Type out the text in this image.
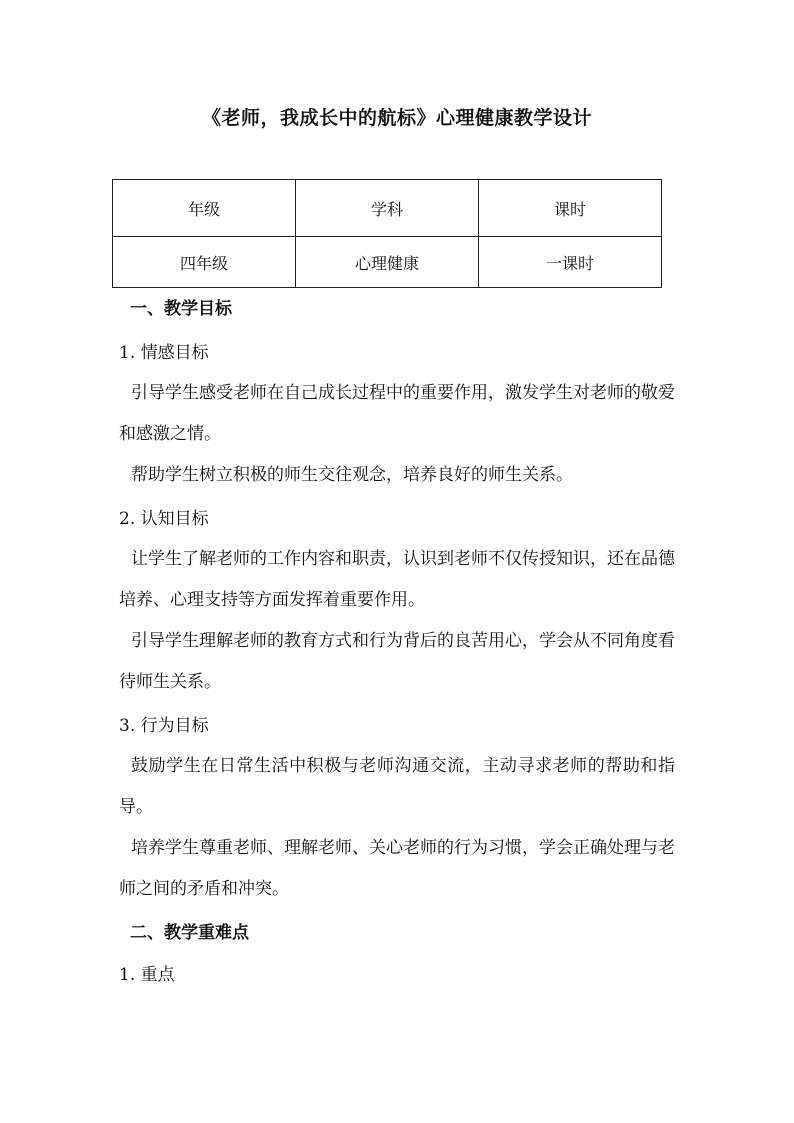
《老师，我成长中的航标》心理健康教学设计
年级	学科	课时
四年级	心理健康	一课时
一、教学目标
1. 情感目标
引导学生感受老师在自己成长过程中的重要作用，激发学生对老师的敬爱和感激之情。
帮助学生树立积极的师生交往观念，培养良好的师生关系。
2. 认知目标
让学生了解老师的工作内容和职责，认识到老师不仅传授知识，还在品德培养、心理支持等方面发挥着重要作用。
引导学生理解老师的教育方式和行为背后的良苦用心，学会从不同角度看待师生关系。
3. 行为目标
鼓励学生在日常生活中积极与老师沟通交流，主动寻求老师的帮助和指导。
培养学生尊重老师、理解老师、关心老师的行为习惯，学会正确处理与老师之间的矛盾和冲突。
二、教学重难点
1. 重点
